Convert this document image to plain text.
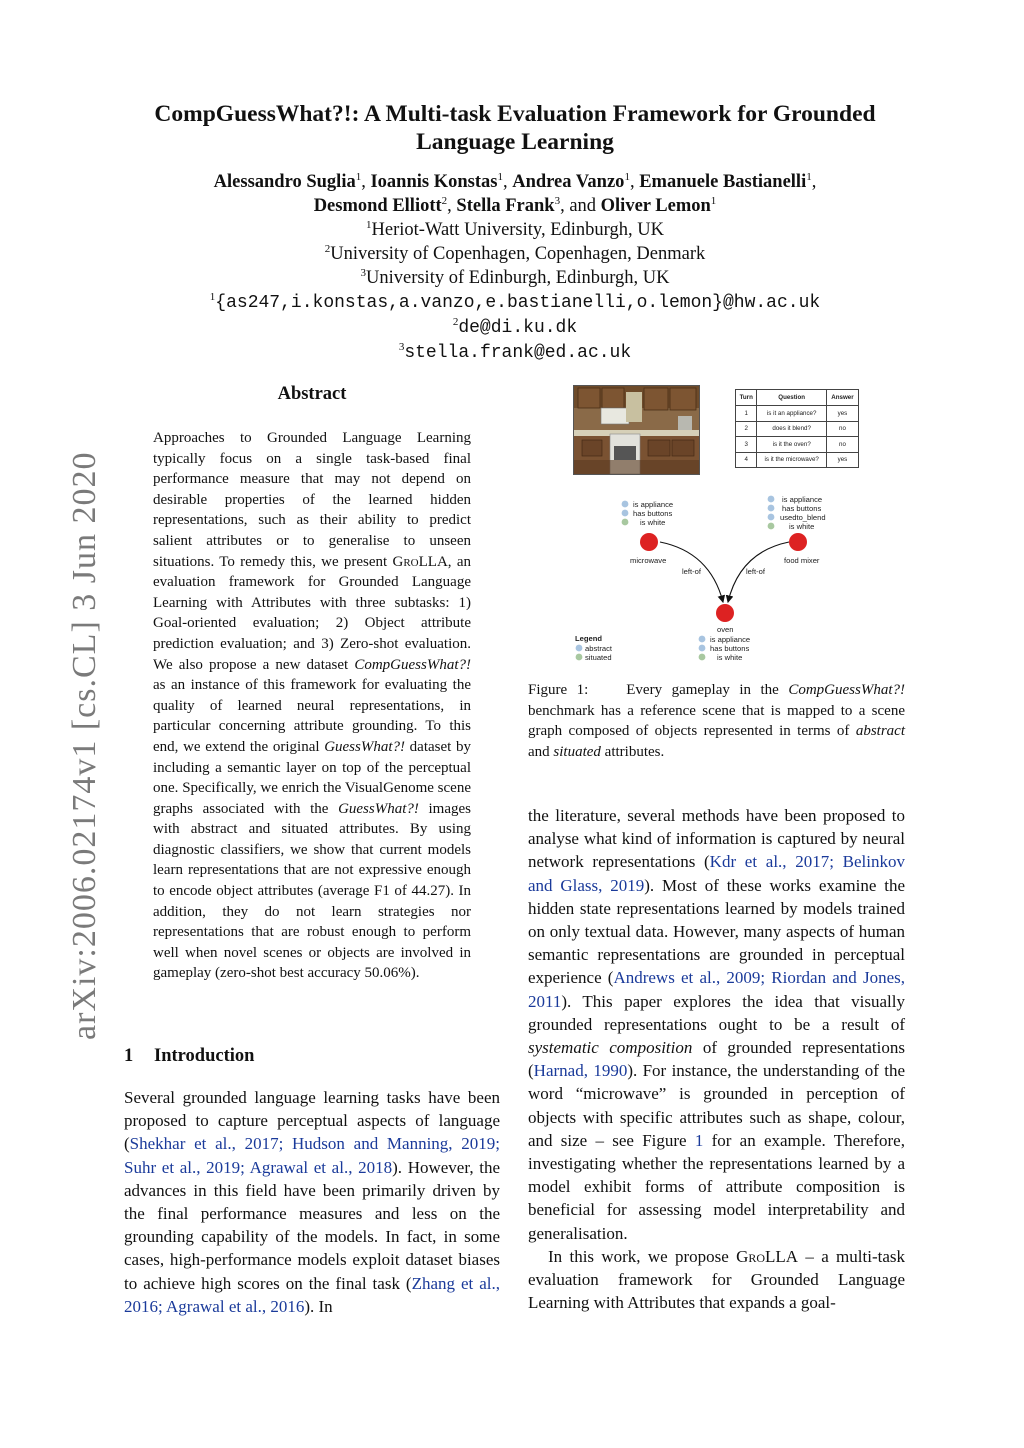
arXiv:2006.02174v1 [cs.CL] 3 Jun 2020
CompGuessWhat?!: A Multi-task Evaluation Framework for Grounded
Language Learning
Alessandro Suglia$^1$, Ioannis Konstas$^1$, Andrea Vanzo$^1$, Emanuele Bastianelli$^1$,
Desmond Elliott$^2$, Stella Frank$^3$, and Oliver Lemon$^1$
$^1$Heriot-Watt University, Edinburgh, UK
$^2$University of Copenhagen, Copenhagen, Denmark
$^3$University of Edinburgh, Edinburgh, UK
$^1${as247,i.konstas,a.vanzo,e.bastianelli,o.lemon}@hw.ac.uk
$^2$de@di.ku.dk
$^3$stella.frank@ed.ac.uk
Abstract
Approaches to Grounded Language Learning typically focus on a single task-based final performance measure that may not depend on desirable properties of the learned hidden representations, such as their ability to predict salient attributes or to generalise to unseen situations. To remedy this, we present GroLLA, an evaluation framework for Grounded Language Learning with Attributes with three subtasks: 1) Goal-oriented evaluation; 2) Object attribute prediction evaluation; and 3) Zero-shot evaluation. We also propose a new dataset CompGuessWhat?! as an instance of this framework for evaluating the quality of learned neural representations, in particular concerning attribute grounding. To this end, we extend the original GuessWhat?! dataset by including a semantic layer on top of the perceptual one. Specifically, we enrich the VisualGenome scene graphs associated with the GuessWhat?! images with abstract and situated attributes. By using diagnostic classifiers, we show that current models learn representations that are not expressive enough to encode object attributes (average F1 of 44.27). In addition, they do not learn strategies nor representations that are robust enough to perform well when novel scenes or objects are involved in gameplay (zero-shot best accuracy 50.06%).
1 Introduction
Several grounded language learning tasks have been proposed to capture perceptual aspects of language (Shekhar et al., 2017; Hudson and Manning, 2019; Suhr et al., 2019; Agrawal et al., 2018). However, the advances in this field have been primarily driven by the final performance measures and less on the grounding capability of the models. In fact, in some cases, high-performance models exploit dataset biases to achieve high scores on the final task (Zhang et al., 2016; Agrawal et al., 2016). In
Turn	Question	Answer
1	is it an appliance?	yes
2	does it blend?	no
3	is it the oven?	no
4	is it the microwave?	yes
left-of	left-of
microwave
is appliance
has buttons
is white
food mixer
is appliance
has buttons
usedto_blend
is white
oven
is appliance
has buttons
is white
Legend
abstract
situated
Figure 1:	Every gameplay in the CompGuessWhat?! benchmark has a reference scene that is mapped to a scene graph composed of objects represented in terms of abstract and situated attributes.

the literature, several methods have been proposed to analyse what kind of information is captured by neural network representations (Kdr et al., 2017; Belinkov and Glass, 2019). Most of these works examine the hidden state representations learned by models trained on only textual data. However, many aspects of human semantic representations are grounded in perceptual experience (Andrews et al., 2009; Riordan and Jones, 2011). This paper explores the idea that visually grounded representations ought to be a result of systematic composition of grounded representations (Harnad, 1990). For instance, the understanding of the word “microwave” is grounded in perception of objects with specific attributes such as shape, colour, and size – see Figure 1 for an example. Therefore, investigating whether the representations learned by a model exhibit forms of attribute composition is beneficial for assessing model interpretability and generalisation.

In this work, we propose GroLLA – a multi-task evaluation framework for Grounded Language Learning with Attributes that expands a goal-
